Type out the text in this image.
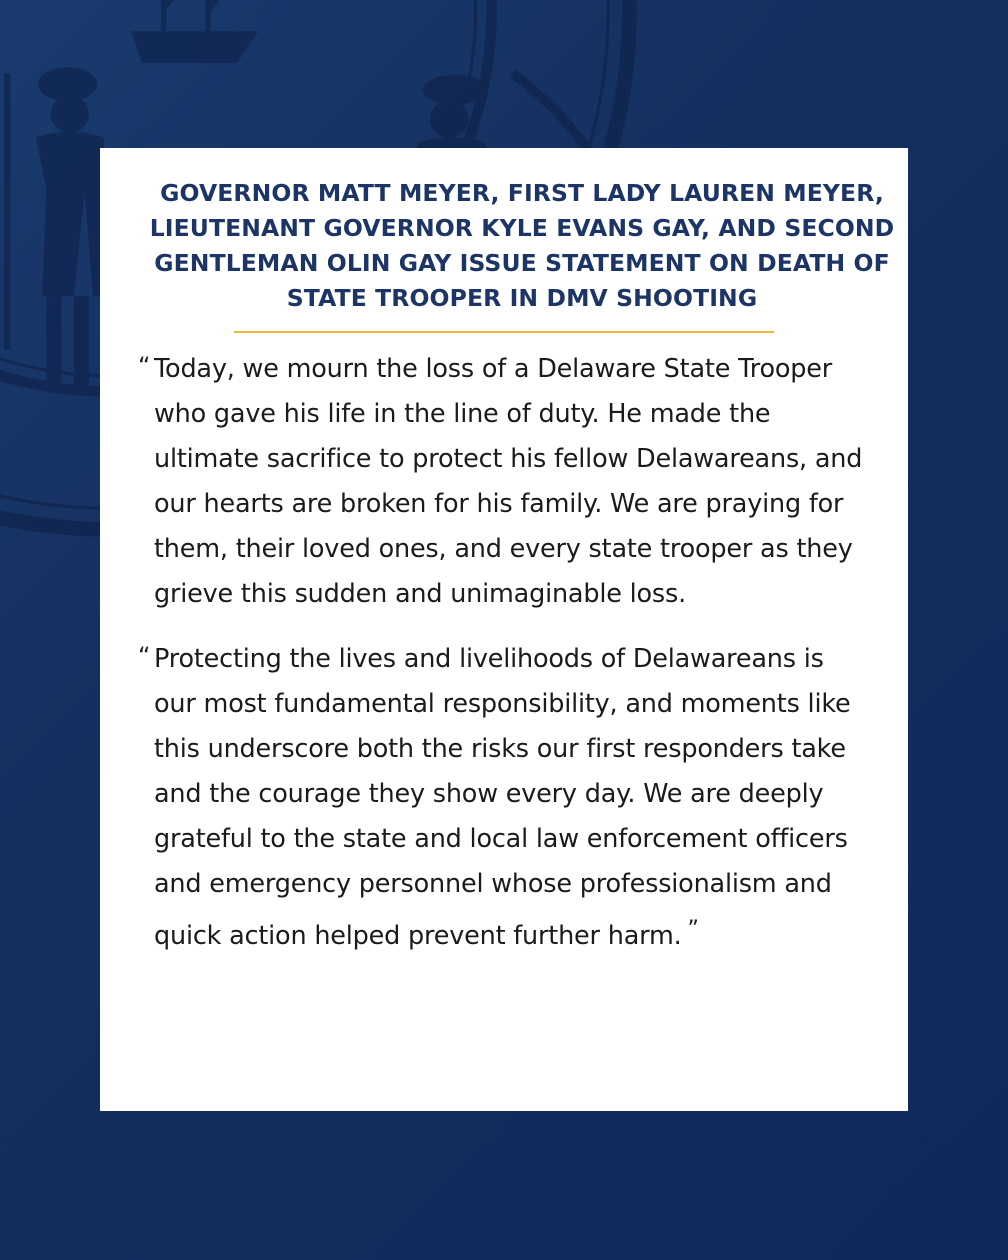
GOVERNOR MATT MEYER, FIRST LADY LAUREN MEYER, LIEUTENANT GOVERNOR KYLE EVANS GAY, AND SECOND GENTLEMAN OLIN GAY ISSUE STATEMENT ON DEATH OF STATE TROOPER IN DMV SHOOTING
“ Today, we mourn the loss of a Delaware State Trooper who gave his life in the line of duty. He made the ultimate sacrifice to protect his fellow Delawareans, and our hearts are broken for his family. We are praying for them, their loved ones, and every state trooper as they grieve this sudden and unimaginable loss.
“ Protecting the lives and livelihoods of Delawareans is our most fundamental responsibility, and moments like this underscore both the risks our first responders take and the courage they show every day. We are deeply grateful to the state and local law enforcement officers and emergency personnel whose professionalism and quick action helped prevent further harm. ”
